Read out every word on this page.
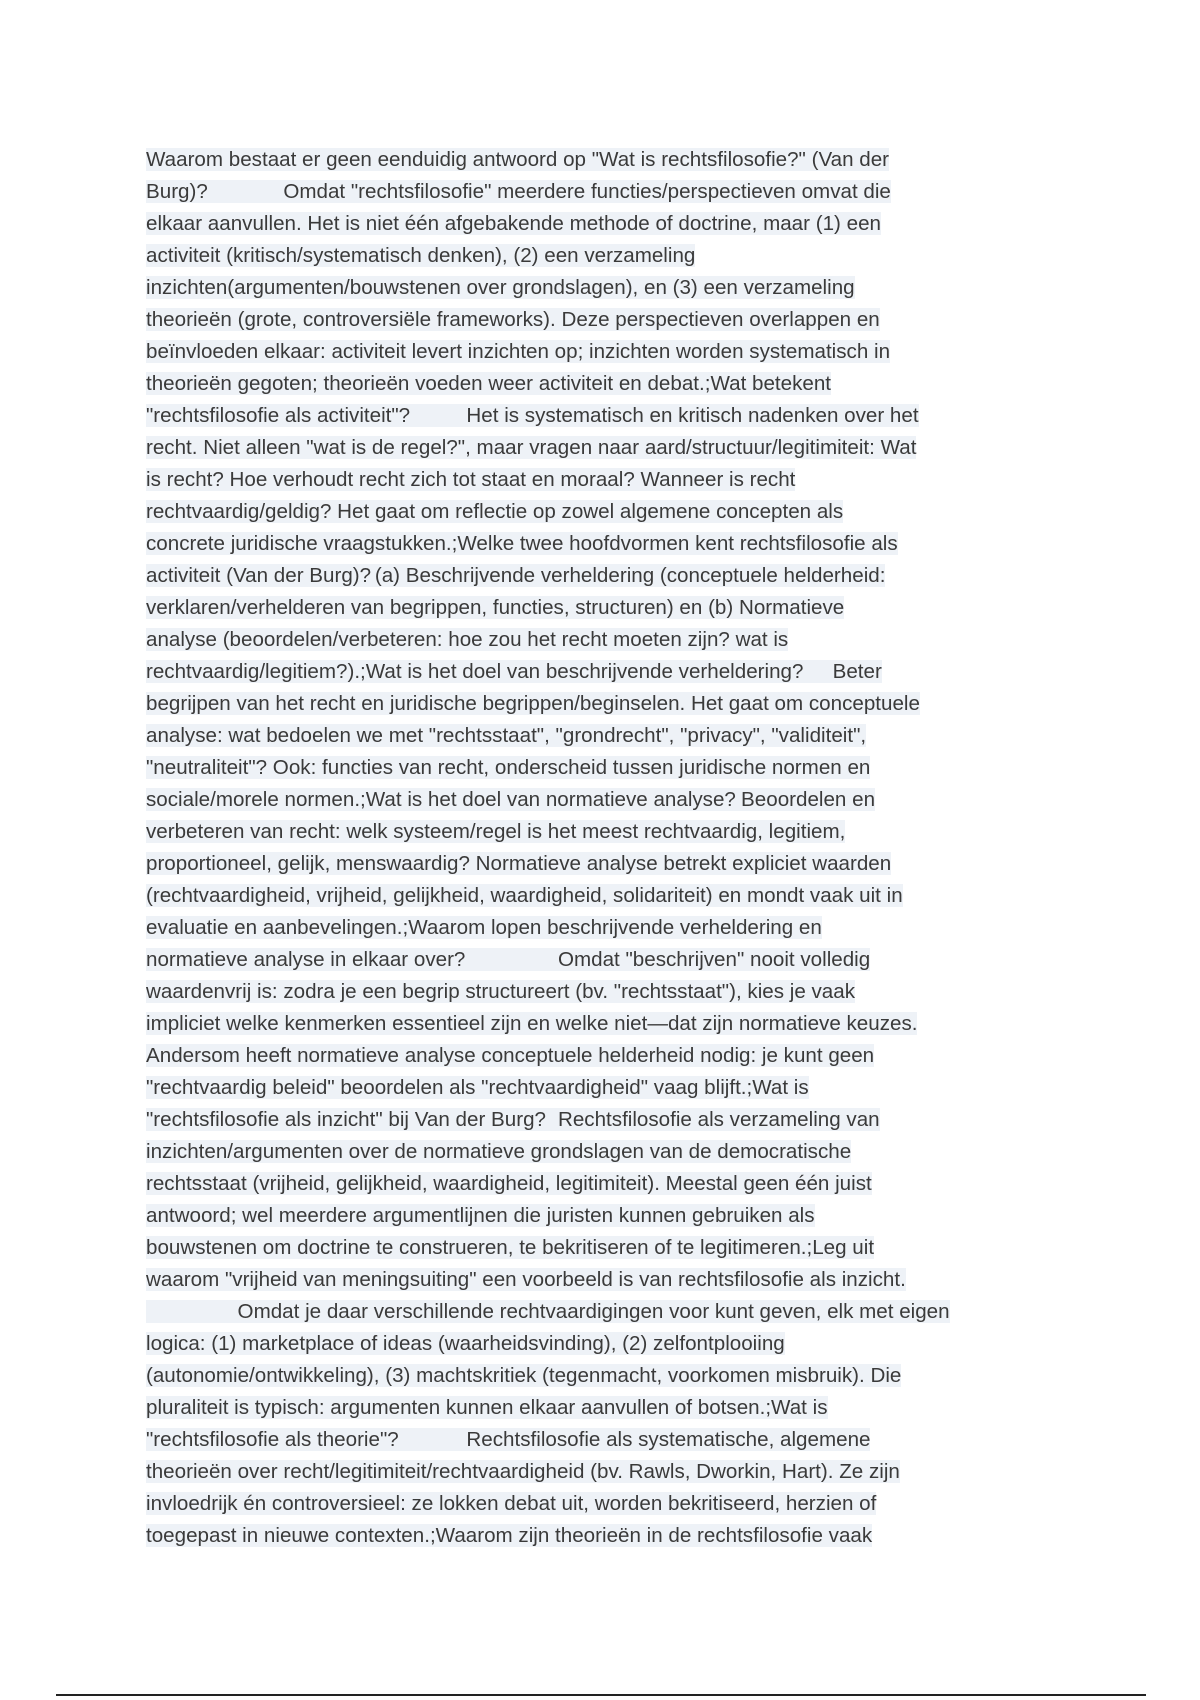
Waarom bestaat er geen eenduidig antwoord op "Wat is rechtsfilosofie?" (Van der
Burg)?		Omdat "rechtsfilosofie" meerdere functies/perspectieven omvat die
elkaar aanvullen. Het is niet één afgebakende methode of doctrine, maar (1) een
activiteit (kritisch/systematisch denken), (2) een verzameling
inzichten(argumenten/bouwstenen over grondslagen), en (3) een verzameling
theorieën (grote, controversiële frameworks). Deze perspectieven overlappen en
beïnvloeden elkaar: activiteit levert inzichten op; inzichten worden systematisch in
theorieën gegoten; theorieën voeden weer activiteit en debat.;Wat betekent
"rechtsfilosofie als activiteit"?		Het is systematisch en kritisch nadenken over het
recht. Niet alleen "wat is de regel?", maar vragen naar aard/structuur/legitimiteit: Wat
is recht? Hoe verhoudt recht zich tot staat en moraal? Wanneer is recht
rechtvaardig/geldig? Het gaat om reflectie op zowel algemene concepten als
concrete juridische vraagstukken.;Welke twee hoofdvormen kent rechtsfilosofie als
activiteit (Van der Burg)?	(a) Beschrijvende verheldering (conceptuele helderheid:
verklaren/verhelderen van begrippen, functies, structuren) en (b) Normatieve
analyse (beoordelen/verbeteren: hoe zou het recht moeten zijn? wat is
rechtvaardig/legitiem?).;Wat is het doel van beschrijvende verheldering?	Beter
begrijpen van het recht en juridische begrippen/beginselen. Het gaat om conceptuele
analyse: wat bedoelen we met "rechtsstaat", "grondrecht", "privacy", "validiteit",
"neutraliteit"? Ook: functies van recht, onderscheid tussen juridische normen en
sociale/morele normen.;Wat is het doel van normatieve analyse?	Beoordelen en
verbeteren van recht: welk systeem/regel is het meest rechtvaardig, legitiem,
proportioneel, gelijk, menswaardig? Normatieve analyse betrekt expliciet waarden
(rechtvaardigheid, vrijheid, gelijkheid, waardigheid, solidariteit) en mondt vaak uit in
evaluatie en aanbevelingen.;Waarom lopen beschrijvende verheldering en
normatieve analyse in elkaar over?		Omdat "beschrijven" nooit volledig
waardenvrij is: zodra je een begrip structureert (bv. "rechtsstaat"), kies je vaak
impliciet welke kenmerken essentieel zijn en welke niet—dat zijn normatieve keuzes.
Andersom heeft normatieve analyse conceptuele helderheid nodig: je kunt geen
"rechtvaardig beleid" beoordelen als "rechtvaardigheid" vaag blijft.;Wat is
"rechtsfilosofie als inzicht" bij Van der Burg?	Rechtsfilosofie als verzameling van
inzichten/argumenten over de normatieve grondslagen van de democratische
rechtsstaat (vrijheid, gelijkheid, waardigheid, legitimiteit). Meestal geen één juist
antwoord; wel meerdere argumentlijnen die juristen kunnen gebruiken als
bouwstenen om doctrine te construeren, te bekritiseren of te legitimeren.;Leg uit
waarom "vrijheid van meningsuiting" een voorbeeld is van rechtsfilosofie als inzicht.
		Omdat je daar verschillende rechtvaardigingen voor kunt geven, elk met eigen
logica: (1) marketplace of ideas (waarheidsvinding), (2) zelfontplooiing
(autonomie/ontwikkeling), (3) machtskritiek (tegenmacht, voorkomen misbruik). Die
pluraliteit is typisch: argumenten kunnen elkaar aanvullen of botsen.;Wat is
"rechtsfilosofie als theorie"?		Rechtsfilosofie als systematische, algemene
theorieën over recht/legitimiteit/rechtvaardigheid (bv. Rawls, Dworkin, Hart). Ze zijn
invloedrijk én controversieel: ze lokken debat uit, worden bekritiseerd, herzien of
toegepast in nieuwe contexten.;Waarom zijn theorieën in de rechtsfilosofie vaak
